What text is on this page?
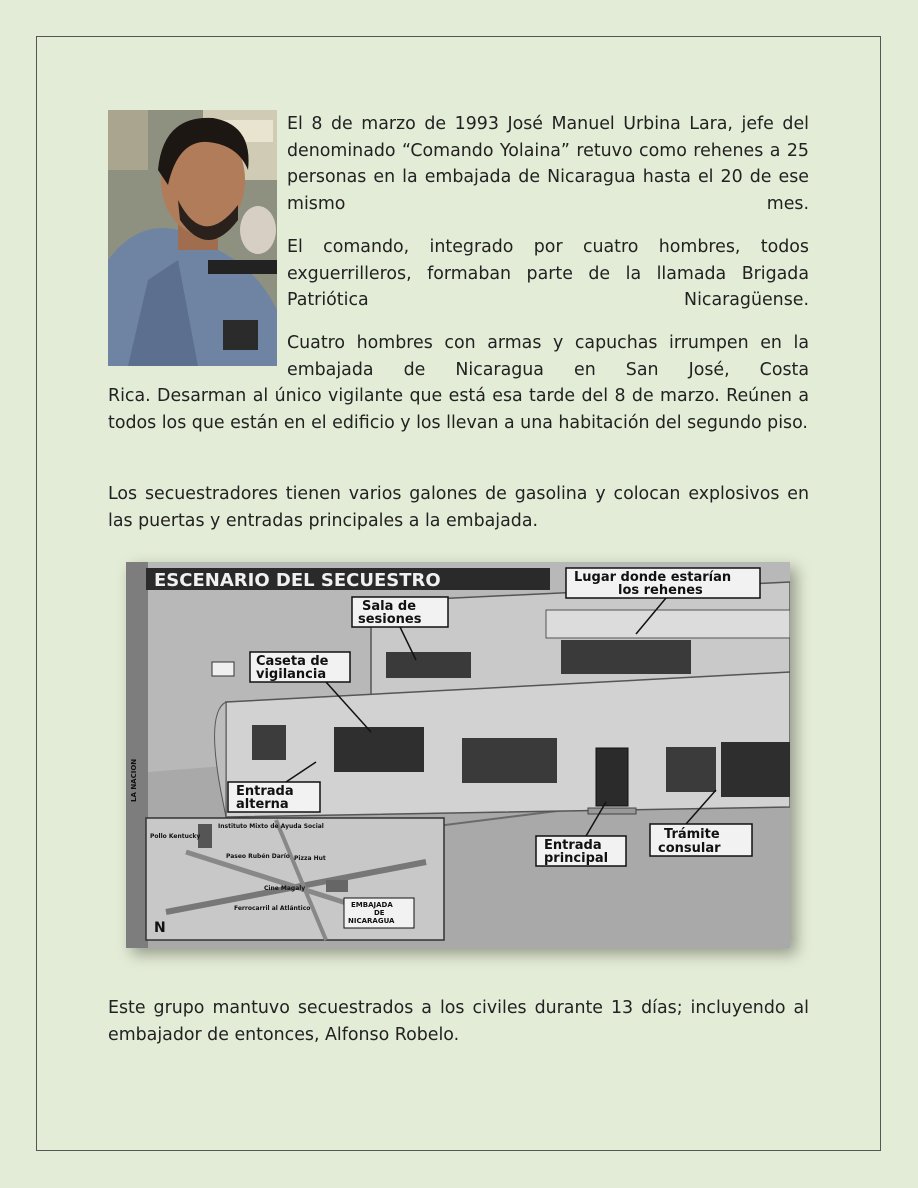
El 8 de marzo de 1993 José Manuel Urbina Lara, jefe del denominado “Comando Yolaina” retuvo como rehenes a 25 personas en la embajada de Nicaragua hasta el 20 de ese mismo mes.

El comando, integrado por cuatro hombres, todos exguerrilleros, formaban parte de la llamada Brigada Patriótica Nicaragüense.

Cuatro hombres con armas y capuchas irrumpen en la embajada de Nicaragua en San José, Costa

Rica. Desarman al único vigilante que está esa tarde del 8 de marzo. Reúnen a todos los que están en el edificio y los llevan a una habitación del segundo piso.

Los secuestradores tienen varios galones de gasolina y colocan explosivos en las puertas y entradas principales a la embajada.

ESCENARIO DEL SECUESTRO
Sala de
sesiones
Lugar donde estarían
los rehenes
Caseta de
vigilancia
Entrada
alterna
Entrada
principal
Trámite
consular
LA NACION
Pollo Kentucky
Instituto Mixto de Ayuda Social
Paseo Rubén Darío Pizza Hut
Cine Magaly
Ferrocarril al Atlántico	EMBAJADA
DE
NICARAGUA
N

Este grupo mantuvo secuestrados a los civiles durante 13 días; incluyendo al embajador de entonces, Alfonso Robelo.
